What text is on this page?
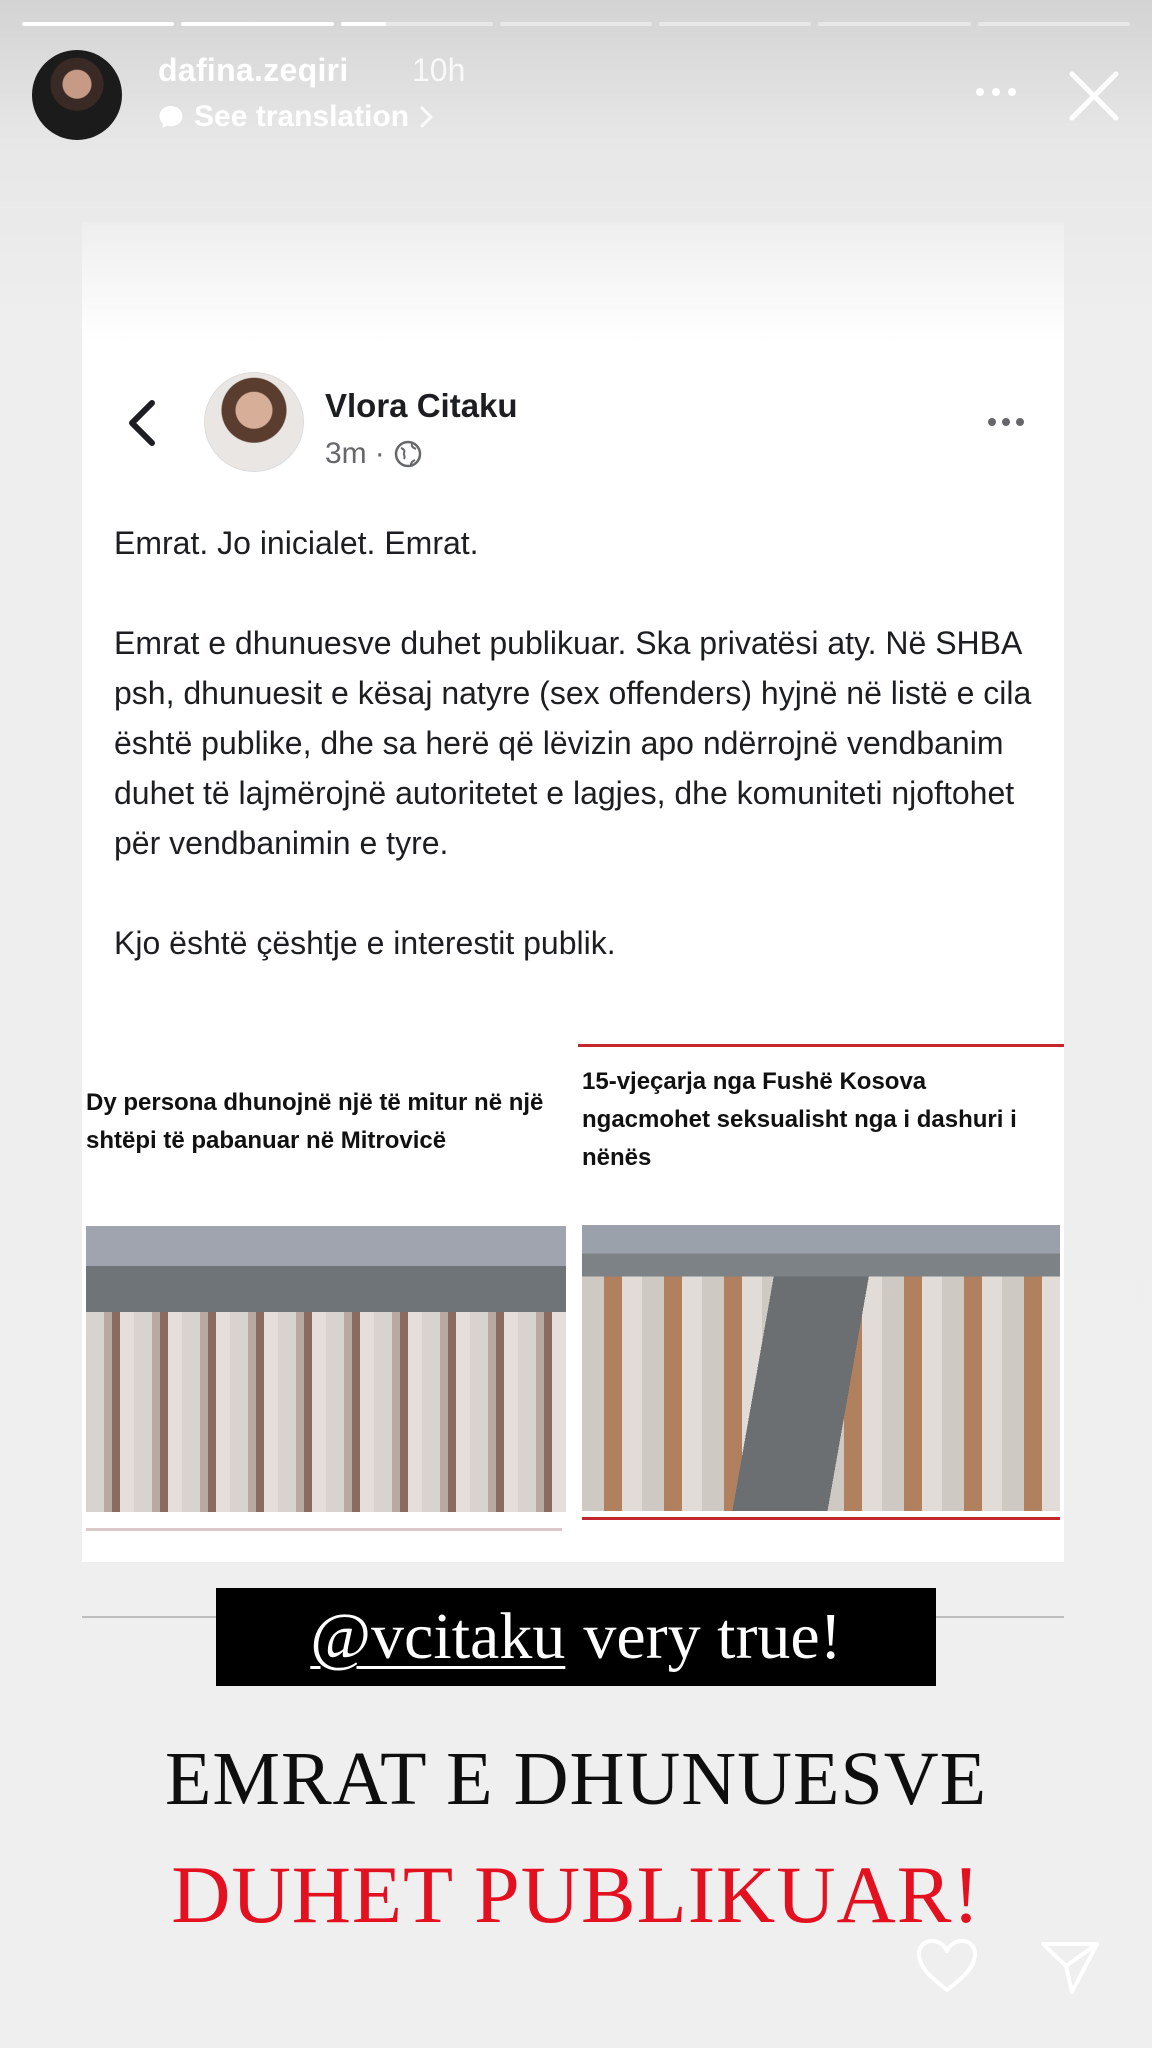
dafina.zeqiri 10h
See translation
Vlora Citaku
3m ·

Emrat. Jo inicialet. Emrat.

Emrat e dhunuesve duhet publikuar. Ska privatësi aty. Në SHBA psh, dhunuesit e kësaj natyre (sex offenders) hyjnë në listë e cila është publike, dhe sa herë që lëvizin apo ndërrojnë vendbanim duhet të lajmërojnë autoritetet e lagjes, dhe komuniteti njoftohet për vendbanimin e tyre.

Kjo është çështje e interestit publik.

Dy persona dhunojnë një të mitur në një shtëpi të pabanuar në Mitrovicë
15-vjeçarja nga Fushë Kosova ngacmohet seksualisht nga i dashuri i nënës
@vcitaku very true!
EMRAT E DHUNUESVE
DUHET PUBLIKUAR!
